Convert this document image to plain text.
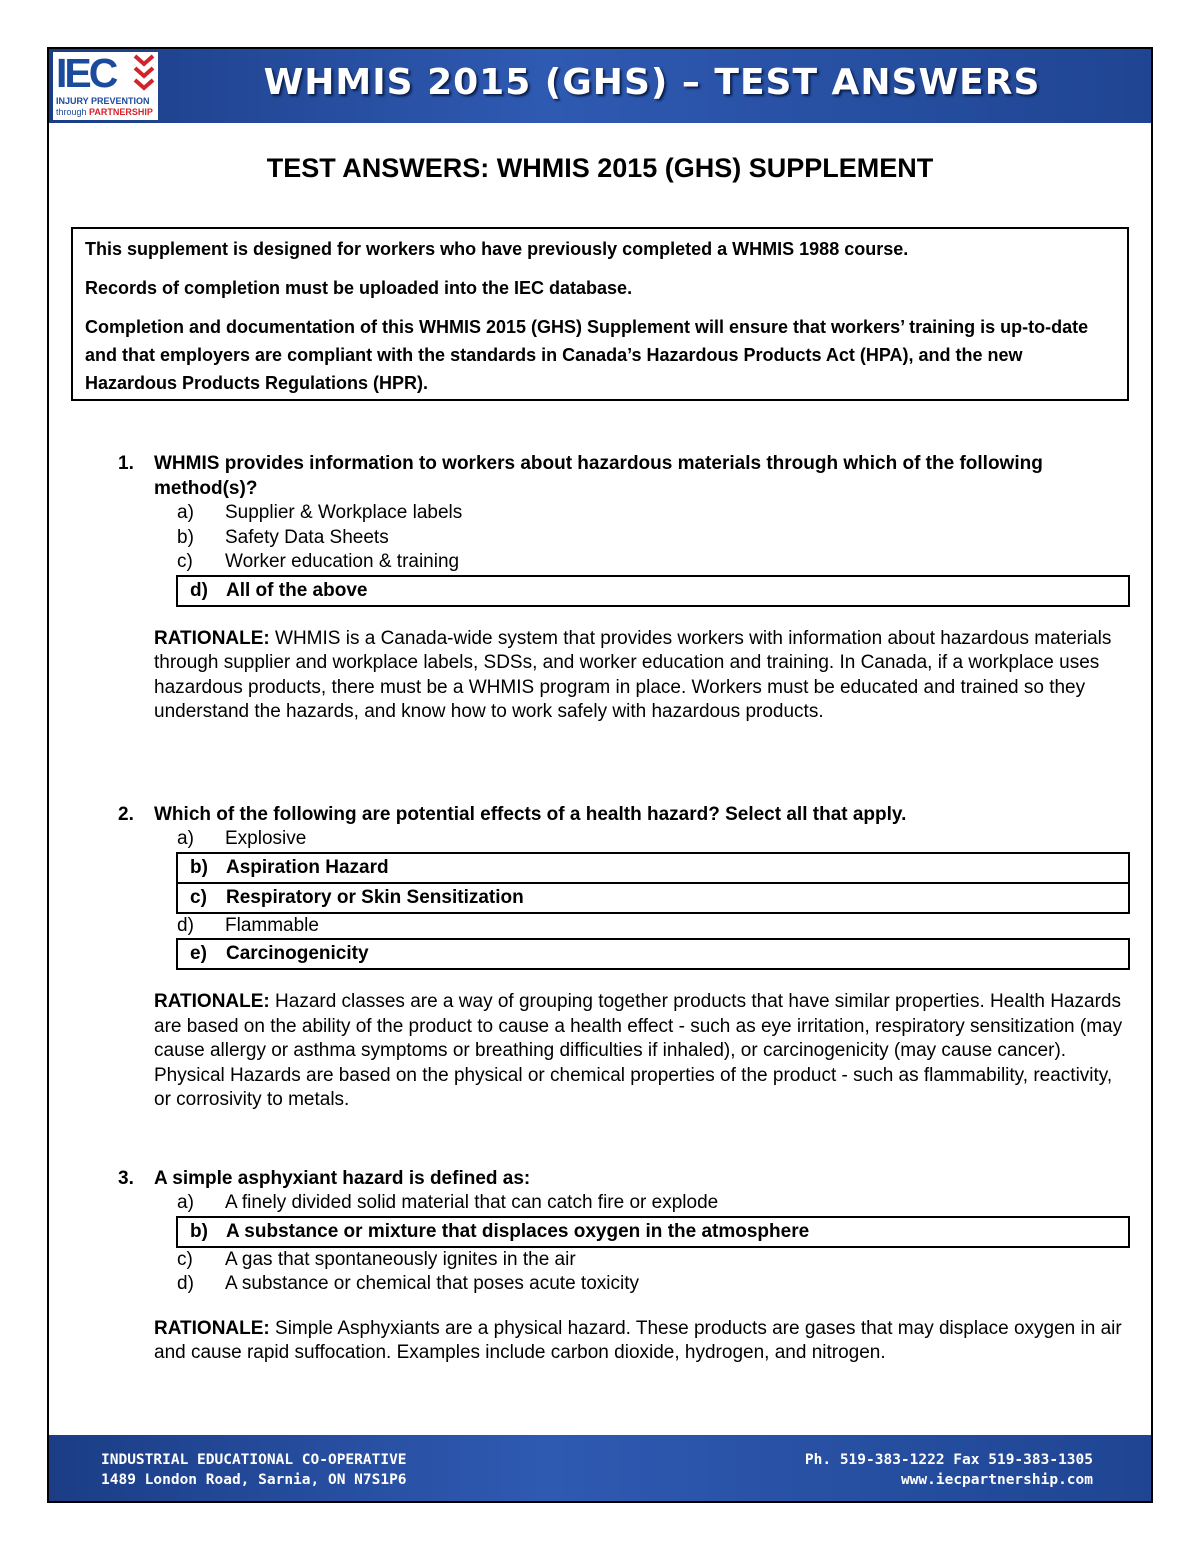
IEC
INJURY PREVENTION
through PARTNERSHIP
WHMIS 2015 (GHS) – TEST ANSWERS
TEST ANSWERS: WHMIS 2015 (GHS) SUPPLEMENT

This supplement is designed for workers who have previously completed a WHMIS 1988 course.

Records of completion must be uploaded into the IEC database.

Completion and documentation of this WHMIS 2015 (GHS) Supplement will ensure that workers’ training is up-to-date and that employers are compliant with the standards in Canada’s Hazardous Products Act (HPA), and the new Hazardous Products Regulations (HPR).

1. WHMIS provides information to workers about hazardous materials through which of the following method(s)?
a) Supplier & Workplace labels
b) Safety Data Sheets
c) Worker education & training
d) All of the above
RATIONALE: WHMIS is a Canada-wide system that provides workers with information about hazardous materials through supplier and workplace labels, SDSs, and worker education and training. In Canada, if a workplace uses hazardous products, there must be a WHMIS program in place. Workers must be educated and trained so they understand the hazards, and know how to work safely with hazardous products.
2. Which of the following are potential effects of a health hazard? Select all that apply.
a) Explosive
b) Aspiration Hazard
c) Respiratory or Skin Sensitization
d) Flammable
e) Carcinogenicity
RATIONALE: Hazard classes are a way of grouping together products that have similar properties. Health Hazards are based on the ability of the product to cause a health effect - such as eye irritation, respiratory sensitization (may cause allergy or asthma symptoms or breathing difficulties if inhaled), or carcinogenicity (may cause cancer). Physical Hazards are based on the physical or chemical properties of the product - such as flammability, reactivity, or corrosivity to metals.
3. A simple asphyxiant hazard is defined as:
a) A finely divided solid material that can catch fire or explode
b) A substance or mixture that displaces oxygen in the atmosphere
c) A gas that spontaneously ignites in the air
d) A substance or chemical that poses acute toxicity
RATIONALE: Simple Asphyxiants are a physical hazard. These products are gases that may displace oxygen in air and cause rapid suffocation. Examples include carbon dioxide, hydrogen, and nitrogen.
INDUSTRIAL EDUCATIONAL CO-OPERATIVE
1489 London Road, Sarnia, ON N7S1P6
Ph. 519-383-1222 Fax 519-383-1305
www.iecpartnership.com
